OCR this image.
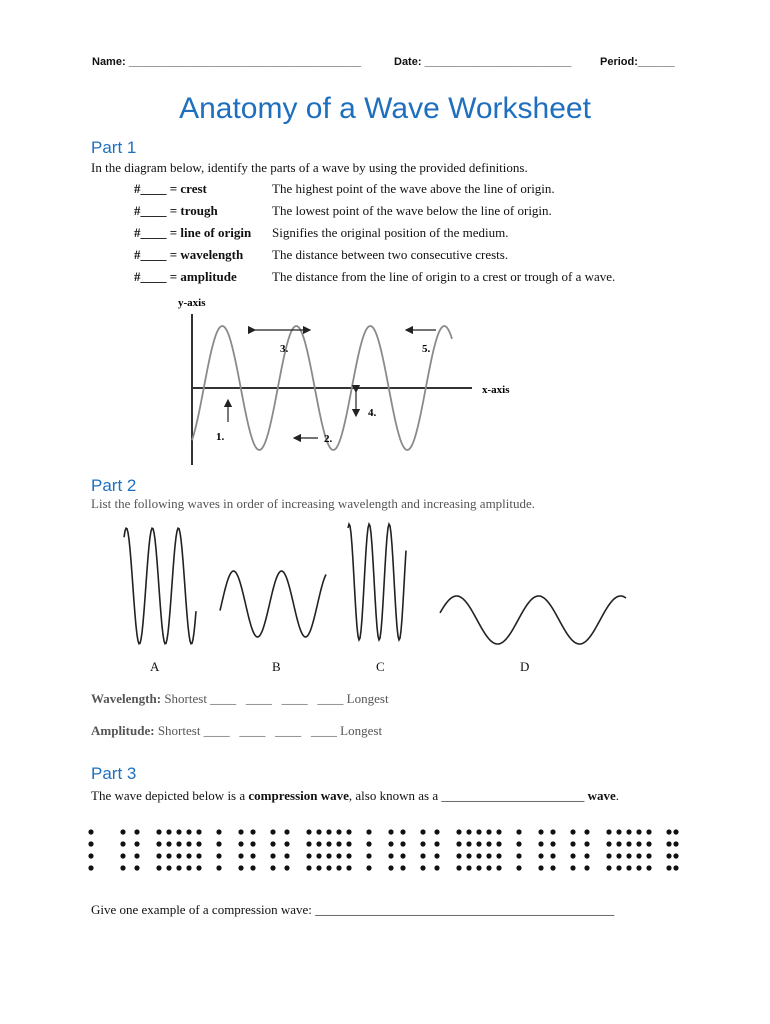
Name: ______________________________________	Date: ________________________	Period:______
Anatomy of a Wave Worksheet
Part 1
In the diagram below, identify the parts of a wave by using the provided definitions.
#____ = crest	The highest point of the wave above the line of origin.
#____ = trough	The lowest point of the wave below the line of origin.
#____ = line of origin Signifies the original position of the medium.
#____ = wavelength The distance between two consecutive crests.
#____ = amplitude	The distance from the line of origin to a crest or trough of a wave.
y-axis
x-axis
1.	2.
3.
4.
5.
Part 2
List the following waves in order of increasing wavelength and increasing amplitude.
A	B	C	D
Wavelength: Shortest ____   ____   ____   ____ Longest
Amplitude: Shortest ____   ____   ____   ____ Longest
Part 3
The wave depicted below is a compression wave, also known as a ______________________ wave.
Give one example of a compression wave: ______________________________________________
